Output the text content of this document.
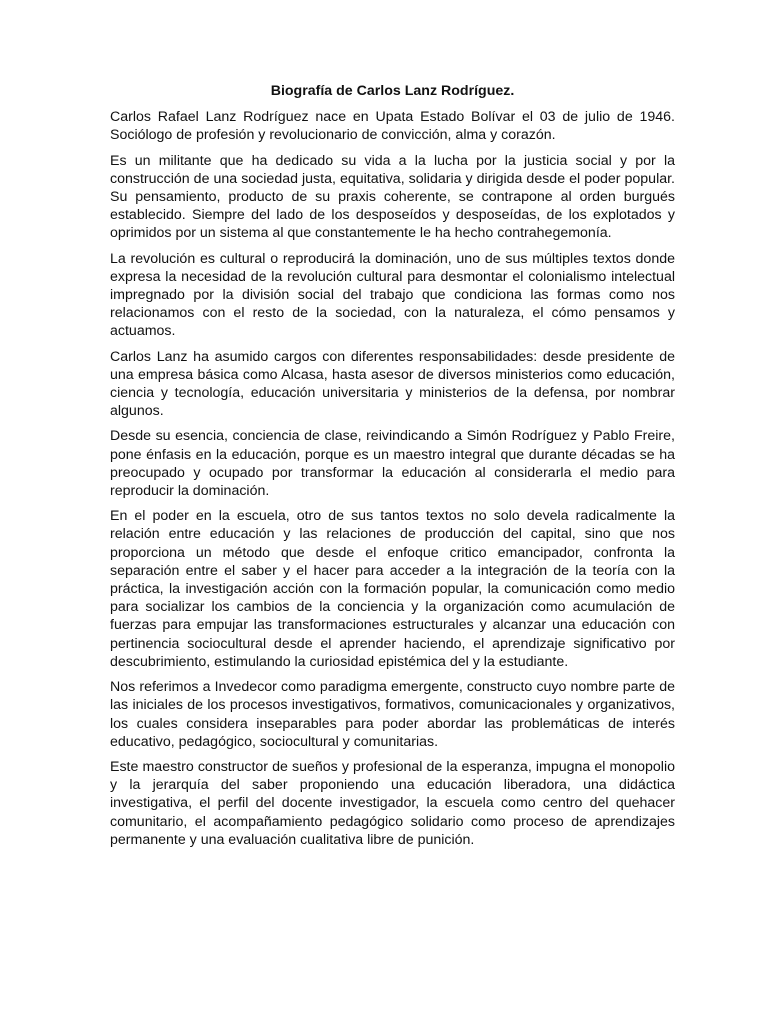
Biografía de Carlos Lanz Rodríguez.

Carlos Rafael Lanz Rodríguez nace en Upata Estado Bolívar el 03 de julio de 1946. Sociólogo de profesión y revolucionario de convicción, alma y corazón.

Es un militante que ha dedicado su vida a la lucha por la justicia social y por la construcción de una sociedad justa, equitativa, solidaria y dirigida desde el poder popular. Su pensamiento, producto de su praxis coherente, se contrapone al orden burgués establecido. Siempre del lado de los desposeídos y desposeídas, de los explotados y oprimidos por un sistema al que constantemente le ha hecho contrahegemonía.

La revolución es cultural o reproducirá la dominación, uno de sus múltiples textos donde expresa la necesidad de la revolución cultural para desmontar el colonialismo intelectual impregnado por la división social del trabajo que condiciona las formas como nos relacionamos con el resto de la sociedad, con la naturaleza, el cómo pensamos y actuamos.

Carlos Lanz ha asumido cargos con diferentes responsabilidades: desde presidente de una empresa básica como Alcasa, hasta asesor de diversos ministerios como educación, ciencia y tecnología, educación universitaria y ministerios de la defensa, por nombrar algunos.

Desde su esencia, conciencia de clase, reivindicando a Simón Rodríguez y Pablo Freire, pone énfasis en la educación, porque es un maestro integral que durante décadas se ha preocupado y ocupado por transformar la educación al considerarla el medio para reproducir la dominación.

En el poder en la escuela, otro de sus tantos textos no solo devela radicalmente la relación entre educación y las relaciones de producción del capital, sino que nos proporciona un método que desde el enfoque critico emancipador, confronta la separación entre el saber y el hacer para acceder a la integración de la teoría con la práctica, la investigación acción con la formación popular, la comunicación como medio para socializar los cambios de la conciencia y la organización como acumulación de fuerzas para empujar las transformaciones estructurales y alcanzar una educación con pertinencia sociocultural desde el aprender haciendo, el aprendizaje significativo por descubrimiento, estimulando la curiosidad epistémica del y la estudiante.

Nos referimos a Invedecor como paradigma emergente, constructo cuyo nombre parte de las iniciales de los procesos investigativos, formativos, comunicacionales y organizativos, los cuales considera inseparables para poder abordar las problemáticas de interés educativo, pedagógico, sociocultural y comunitarias.

Este maestro constructor de sueños y profesional de la esperanza, impugna el monopolio y la jerarquía del saber proponiendo una educación liberadora, una didáctica investigativa, el perfil del docente investigador, la escuela como centro del quehacer comunitario, el acompañamiento pedagógico solidario como proceso de aprendizajes permanente y una evaluación cualitativa libre de punición.
